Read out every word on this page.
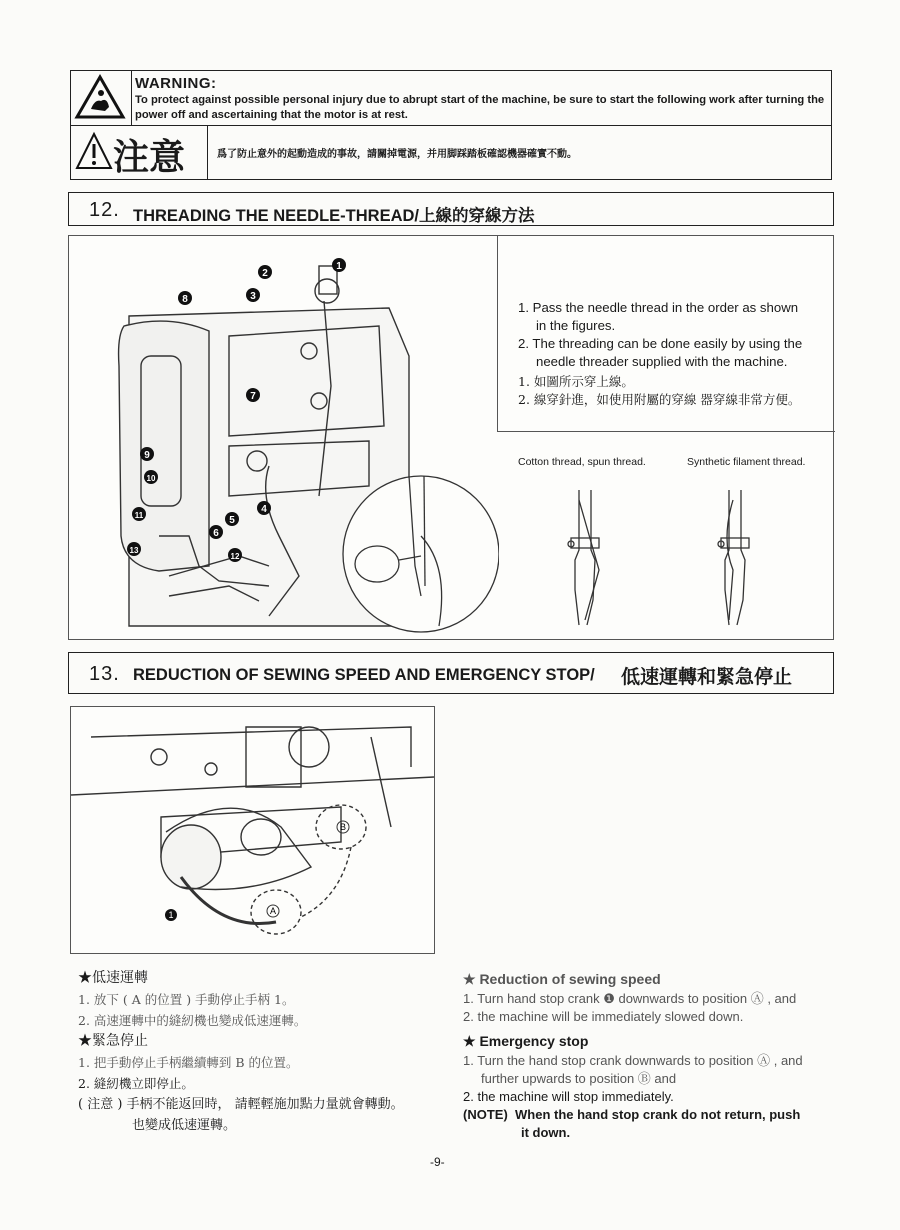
WARNING:
To protect against possible personal injury due to abrupt start of the machine, be sure to start the following work after turning the power off and ascertaining that the motor is at rest.
注意	爲了防止意外的起動造成的事故，請關掉電源，并用脚踩踏板確認機器確實不動。
12. THREADING THE NEEDLE-THREAD/上線的穿線方法
1
2
3
4
5
6
7
8
9
10
11
12
13

1. Pass the needle thread in the order as shown

in the figures.

2. The threading can be done easily by using the

needle threader supplied with the machine.

1. 如圖所示穿上線。

2. 線穿針進，如使用附屬的穿線 器穿線非常方便。

Cotton thread, spun thread.	Synthetic filament thread.
13. REDUCTION OF SEWING SPEED AND EMERGENCY STOP/ 低速運轉和緊急停止
1
B
A

★低速運轉

1. 放下 ( A 的位置 ) 手動停止手柄 1。

2. 高速運轉中的縫紉機也變成低速運轉。

★緊急停止

1. 把手動停止手柄繼續轉到 B 的位置。

2. 縫紉機立即停止。

( 注意 ) 手柄不能返回時， 請輕輕施加點力量就會轉動。

也變成低速運轉。

★ Reduction of sewing speed

1. Turn hand stop crank ❶ downwards to position Ⓐ , and

2. the machine will be immediately slowed down.

★ Emergency stop

1. Turn the hand stop crank downwards to position Ⓐ , and

further upwards to position Ⓑ and

2. the machine will stop immediately.

(NOTE) When the hand stop crank do not return, push

it down.

-9-
